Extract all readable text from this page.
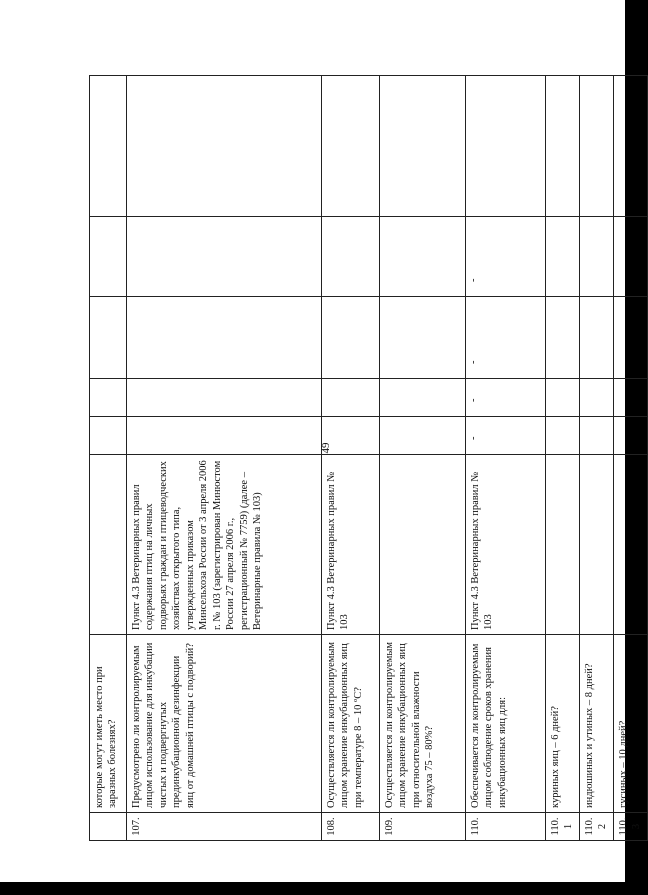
49
	которые могут иметь место при заразных болезнях?		

107.	Предусмотрено ли контролируемым лицом использование для инкубации чистых и подвергнутых прединкубационной дезинфекции яиц от домашней птицы с подворий?	Пункт 4.3 Ветеринарных правил содержания птиц на личных подворьях граждан и птицеводческих хозяйствах открытого типа, утвержденных приказом Минсельхоза России от 3 апреля 2006 г. № 103 (зарегистрирован Минюстом России 27 апреля 2006 г., регистрационный № 7759) (далее – Ветеринарные правила № 103)	

108.	Осуществляется ли контролируемым лицом хранение инкубационных яиц при температуре 8 – 10 ºС?	Пункт 4.3 Ветеринарных правил № 103	

109.	Осуществляется ли контролируемым лицом хранение инкубационных яиц при относительной влажности воздуха 75 – 80%?		

110.	Обеспечивается ли контролируемым лицом соблюдение сроков хранения инкубационных яиц для:	Пункт 4.3 Ветеринарных правил № 103	-	-	-	-	

110.1	куриных яиц – 6 дней?		

110.2	индюшиных и утиных – 8 дней?		

110.3	гусиных – 10 дней?		
